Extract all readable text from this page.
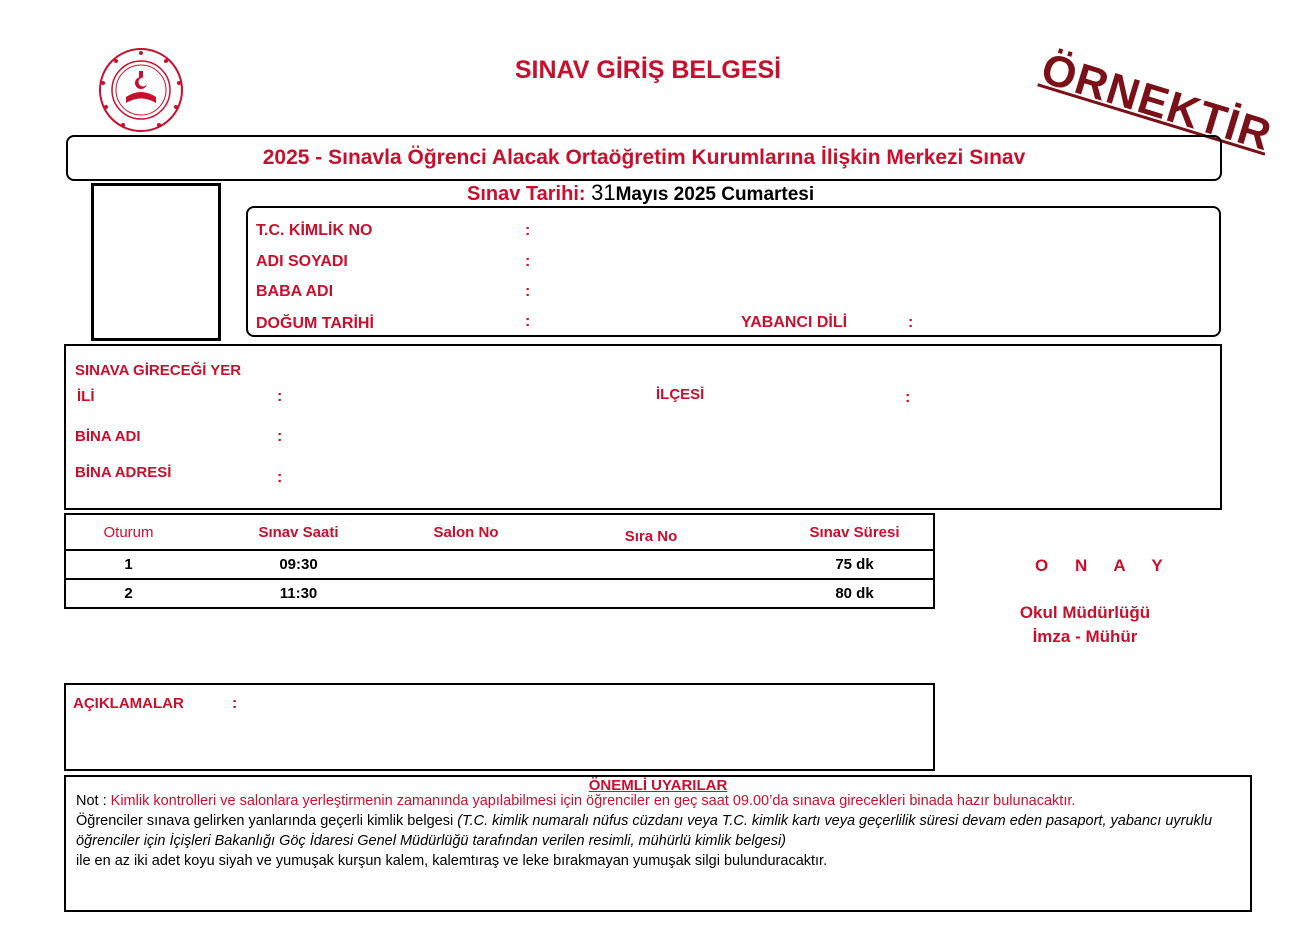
SINAV GİRİŞ BELGESİ	ÖRNEKTİR
2025 - Sınavla Öğrenci Alacak Ortaöğretim Kurumlarına İlişkin Merkezi Sınav
Sınav Tarihi: 31Mayıs 2025 Cumartesi
T.C. KİMLİK NO	:
ADI SOYADI	:
BABA ADI	:
DOĞUM TARİHİ	:	YABANCI DİLİ	:
SINAVA GİRECEĞİ YER
İLİ	:	İLÇESİ	:
BİNA ADI	:
BİNA ADRESİ	:
Oturum	Sınav Saati	Salon No	Sıra No	Sınav Süresi
1	09:30			75 dk
2	11:30			80 dk
O N A Y
Okul Müdürlüğü
İmza - Mühür
AÇIKLAMALAR	:
ÖNEMLİ UYARILAR

Not : Kimlik kontrolleri ve salonlara yerleştirmenin zamanında yapılabilmesi için öğrenciler en geç saat 09.00’da sınava girecekleri binada hazır bulunacaktır.

Öğrenciler sınava gelirken yanlarında geçerli kimlik belgesi (T.C. kimlik numaralı nüfus cüzdanı veya T.C. kimlik kartı veya geçerlilik süresi devam eden pasaport, yabancı uyruklu öğrenciler için İçişleri Bakanlığı Göç İdaresi Genel Müdürlüğü tarafından verilen resimli, mühürlü kimlik belgesi)

ile en az iki adet koyu siyah ve yumuşak kurşun kalem, kalemtıraş ve leke bırakmayan yumuşak silgi bulunduracaktır.
